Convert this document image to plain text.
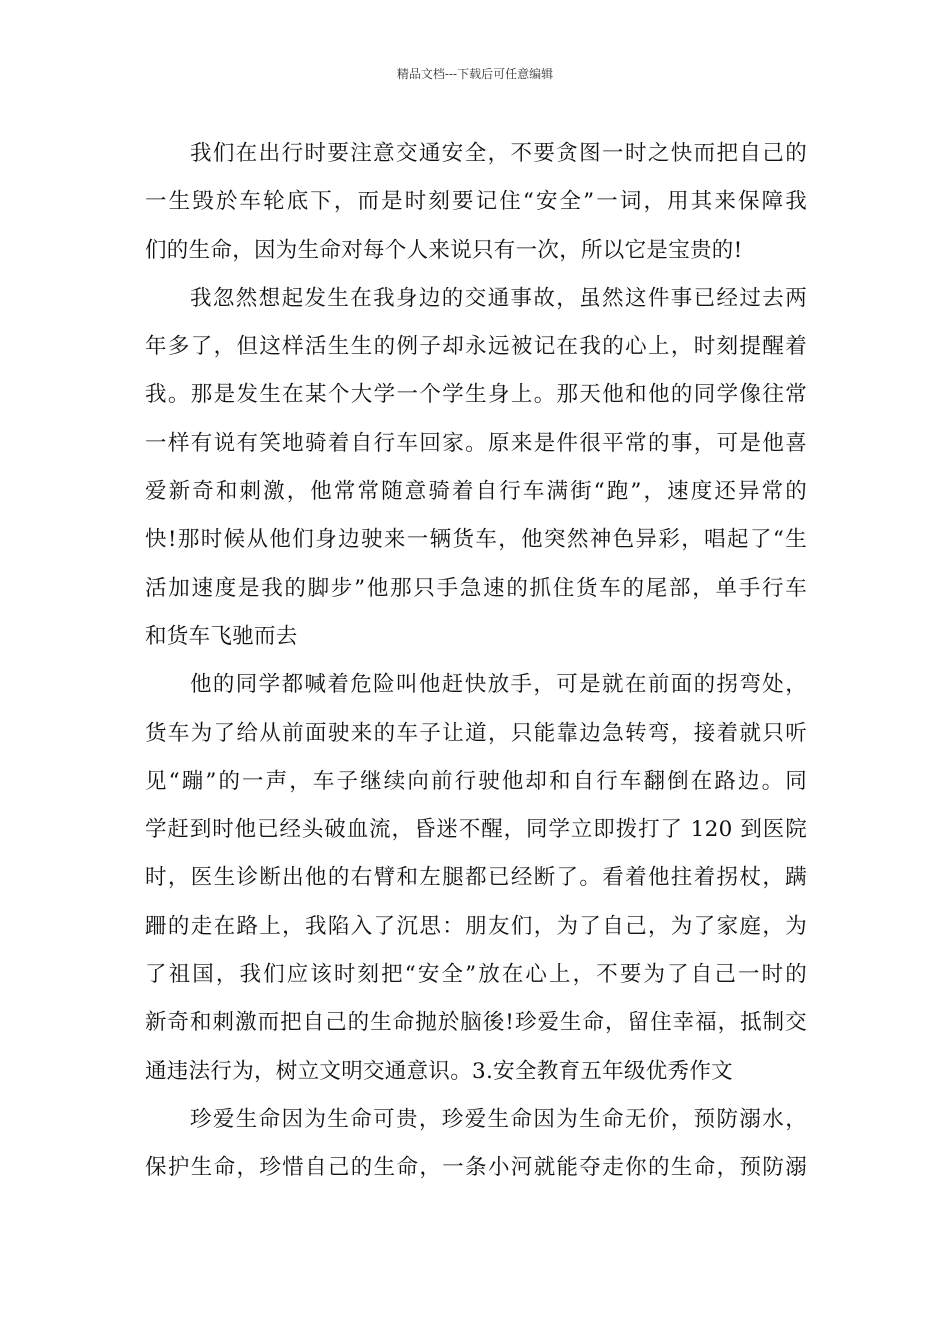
精品文档---下载后可任意编辑
我们在出行时要注意交通安全，不要贪图一时之快而把自己的
一生毁於车轮底下，而是时刻要记住“安全”一词，用其来保障我
们的生命，因为生命对每个人来说只有一次，所以它是宝贵的!
我忽然想起发生在我身边的交通事故，虽然这件事已经过去两
年多了，但这样活生生的例子却永远被记在我的心上，时刻提醒着
我。那是发生在某个大学一个学生身上。那天他和他的同学像往常
一样有说有笑地骑着自行车回家。原来是件很平常的事，可是他喜
爱新奇和刺激，他常常随意骑着自行车满街“跑”，速度还异常的
快!那时候从他们身边驶来一辆货车，他突然神色异彩，唱起了“生
活加速度是我的脚步”他那只手急速的抓住货车的尾部，单手行车
和货车飞驰而去
他的同学都喊着危险叫他赶快放手，可是就在前面的拐弯处，
货车为了给从前面驶来的车子让道，只能靠边急转弯，接着就只听
见“蹦”的一声，车子继续向前行驶他却和自行车翻倒在路边。同
学赶到时他已经头破血流，昏迷不醒，同学立即拨打了 120 到医院
时，医生诊断出他的右臂和左腿都已经断了。看着他拄着拐杖，蹒
跚的走在路上，我陷入了沉思：朋友们，为了自己，为了家庭，为
了祖国，我们应该时刻把“安全”放在心上，不要为了自己一时的
新奇和刺激而把自己的生命抛於脑後!珍爱生命，留住幸福，抵制交
通违法行为，树立文明交通意识。3.安全教育五年级优秀作文
珍爱生命因为生命可贵，珍爱生命因为生命无价，预防溺水，
保护生命，珍惜自己的生命，一条小河就能夺走你的生命，预防溺
